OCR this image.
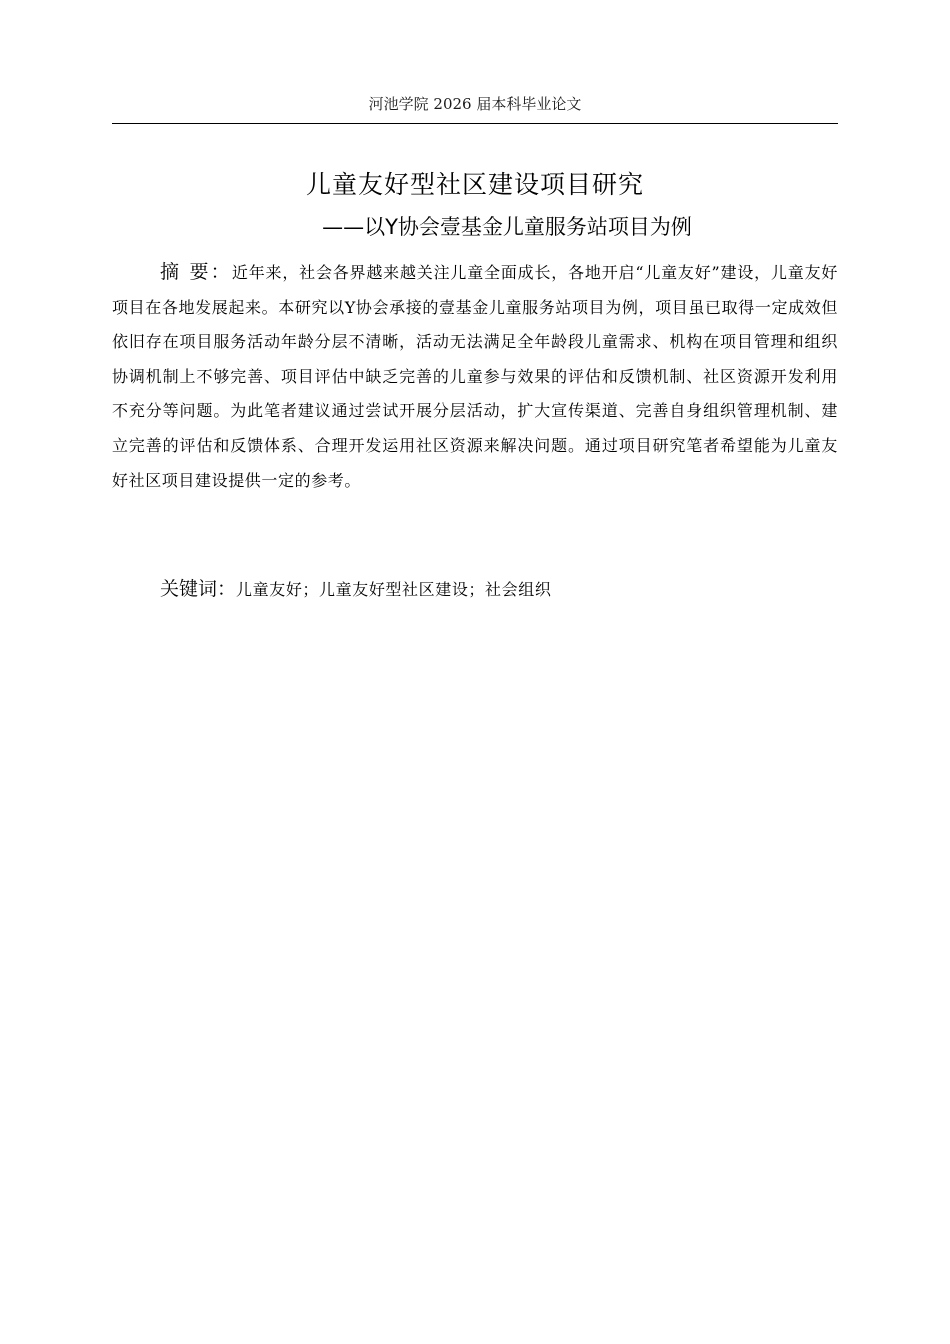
河池学院 2026 届本科毕业论文
儿童友好型社区建设项目研究
——以Y协会壹基金儿童服务站项目为例
摘 要：近年来，社会各界越来越关注儿童全面成长，各地开启“儿童友好”建设，儿童友好项目在各地发展起来。本研究以Y协会承接的壹基金儿童服务站项目为例，项目虽已取得一定成效但依旧存在项目服务活动年龄分层不清晰，活动无法满足全年龄段儿童需求、机构在项目管理和组织协调机制上不够完善、项目评估中缺乏完善的儿童参与效果的评估和反馈机制、社区资源开发利用不充分等问题。为此笔者建议通过尝试开展分层活动，扩大宣传渠道、完善自身组织管理机制、建立完善的评估和反馈体系、合理开发运用社区资源来解决问题。通过项目研究笔者希望能为儿童友好社区项目建设提供一定的参考。
关键词：儿童友好；儿童友好型社区建设；社会组织
